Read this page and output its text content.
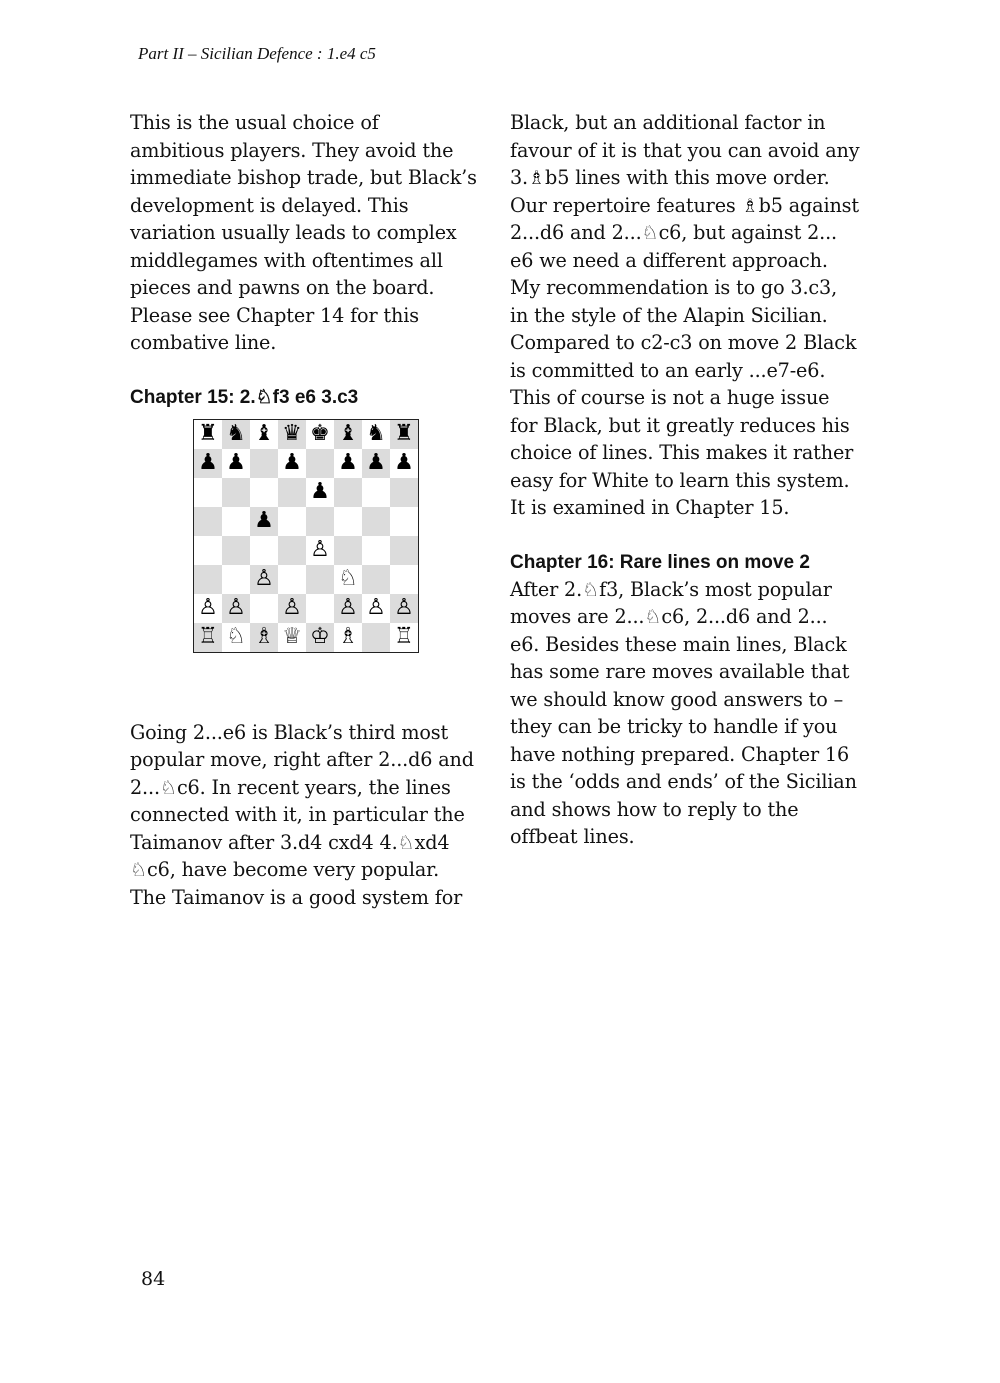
Part II – Sicilian Defence : 1.e4 c5

This is the usual choice of

ambitious players. They avoid the

immediate bishop trade, but Black’s

development is delayed. This

variation usually leads to complex

middlegames with oftentimes all

pieces and pawns on the board.

Please see Chapter 14 for this

combative line.

Chapter 15: 2.♘f3 e6 3.c3
♜ ♞ ♝ ♛ ♚ ♝ ♞ ♜
♟ ♟ ♟ ♟ ♟ ♟
♟
♟
♙
♙	♘
♙ ♙ ♙ ♙ ♙ ♙
♖ ♘ ♗ ♕ ♔ ♗ ♖

Going 2...e6 is Black’s third most

popular move, right after 2...d6 and

2...♘c6. In recent years, the lines

connected with it, in particular the

Taimanov after 3.d4 cxd4 4.♘xd4

♘c6, have become very popular.

The Taimanov is a good system for

Black, but an additional factor in

favour of it is that you can avoid any

3.♗b5 lines with this move order.

Our repertoire features ♗b5 against

2...d6 and 2...♘c6, but against 2...

e6 we need a different approach.

My recommendation is to go 3.c3,

in the style of the Alapin Sicilian.

Compared to c2-c3 on move 2 Black

is committed to an early ...e7-e6.

This of course is not a huge issue

for Black, but it greatly reduces his

choice of lines. This makes it rather

easy for White to learn this system.

It is examined in Chapter 15.

Chapter 16: Rare lines on move 2

After 2.♘f3, Black’s most popular

moves are 2...♘c6, 2...d6 and 2...

e6. Besides these main lines, Black

has some rare moves available that

we should know good answers to –

they can be tricky to handle if you

have nothing prepared. Chapter 16

is the ‘odds and ends’ of the Sicilian

and shows how to reply to the

offbeat lines.

84
